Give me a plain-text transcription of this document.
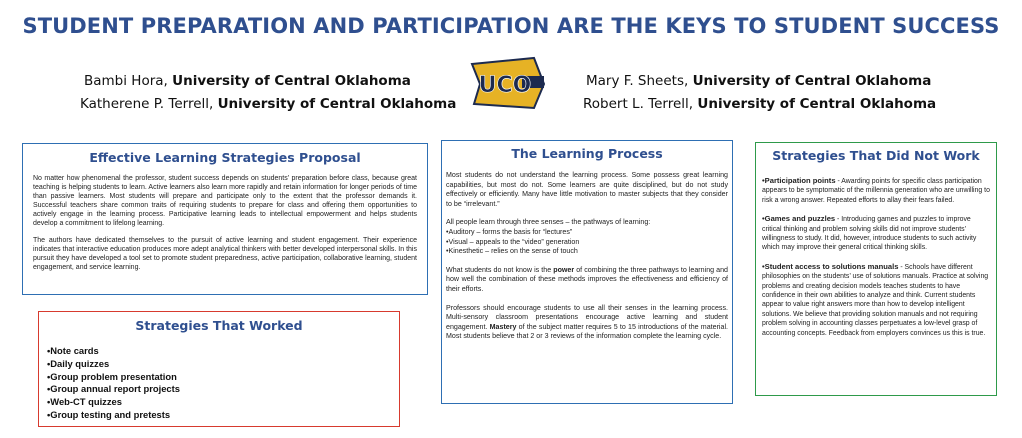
STUDENT PREPARATION AND PARTICIPATION ARE THE KEYS TO STUDENT SUCCESS
Bambi Hora, University of Central Oklahoma
Katherene P. Terrell, University of Central Oklahoma
Mary F. Sheets, University of Central Oklahoma
Robert L. Terrell, University of Central Oklahoma
UCO
Effective Learning Strategies Proposal

No matter how phenomenal the professor, student success depends on students’ preparation before class, because great teaching is helping students to learn. Active learners also learn more rapidly and retain information for longer periods of time than passive learners. Most students will prepare and participate only to the extent that the professor demands it. Successful teachers share common traits of requiring students to prepare for class and offering them opportunities to actively engage in the learning process. Participative learning leads to intellectual empowerment and helps students develop a commitment to lifelong learning.

The authors have dedicated themselves to the pursuit of active learning and student engagement. Their experience indicates that interactive education produces more adept analytical thinkers with better developed interpersonal skills. In this pursuit they have developed a tool set to promote student preparedness, active participation, collaborative learning, student engagement, and service learning.

Strategies That Worked
•Note cards
•Daily quizzes
•Group problem presentation
•Group annual report projects
•Web-CT quizzes
•Group testing and pretests
The Learning Process

Most students do not understand the learning process. Some possess great learning capabilities, but most do not. Some learners are quite disciplined, but do not study effectively or efficiently. Many have little motivation to master subjects that they consider to be “irrelevant.”

All people learn through three senses – the pathways of learning:
•Auditory – forms the basis for “lectures”
•Visual – appeals to the “video” generation
•Kinesthetic – relies on the sense of touch

What students do not know is the power of combining the three pathways to learning and how well the combination of these methods improves the effectiveness and efficiency of their efforts.

Professors should encourage students to use all their senses in the learning process. Multi-sensory classroom presentations encourage active learning and student engagement. Mastery of the subject matter requires 5 to 15 introductions of the material. Most students believe that 2 or 3 reviews of the information complete the learning cycle.

Strategies That Did Not Work

•Participation points - Awarding points for specific class participation appears to be symptomatic of the millennia generation who are unwilling to risk a wrong answer. Repeated efforts to allay their fears failed.

•Games and puzzles - Introducing games and puzzles to improve critical thinking and problem solving skills did not improve students’ willingness to study. It did, however, introduce students to such activity which may improve their general critical thinking skills.

•Student access to solutions manuals - Schools have different philosophies on the students’ use of solutions manuals. Practice at solving problems and creating decision models teaches students to have confidence in their own abilities to analyze and think. Current students appear to value right answers more than how to develop intelligent solutions. We believe that providing solution manuals and not requiring problem solving in accounting classes perpetuates a low-level grasp of accounting concepts. Feedback from employers convinces us this is true.
